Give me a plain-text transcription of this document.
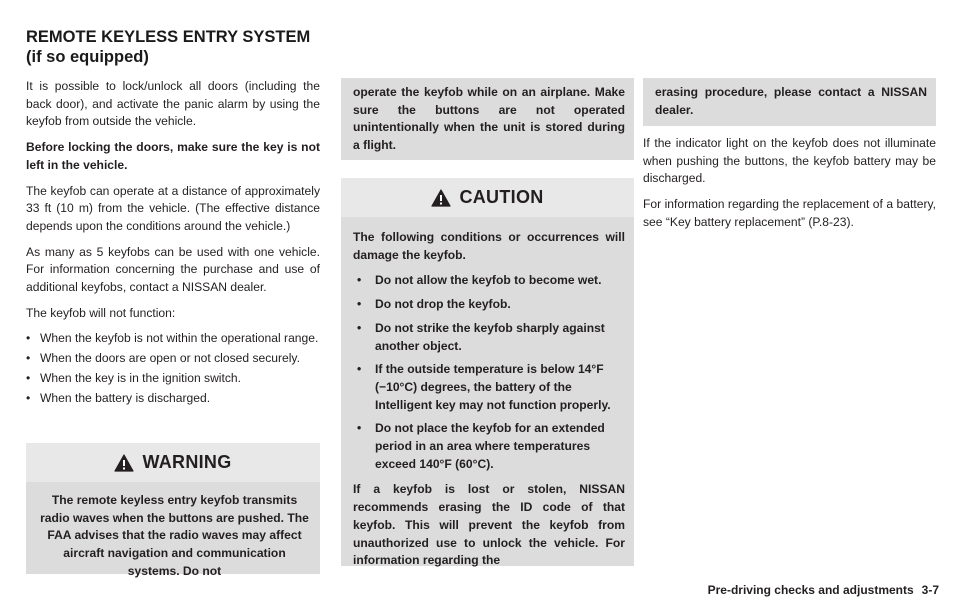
REMOTE KEYLESS ENTRY SYSTEM
(if so equipped)

It is possible to lock/unlock all doors (including the back door), and activate the panic alarm by using the keyfob from outside the vehicle.

Before locking the doors, make sure the key is not left in the vehicle.

The keyfob can operate at a distance of approximately 33 ft (10 m) from the vehicle. (The effective distance depends upon the conditions around the vehicle.)

As many as 5 keyfobs can be used with one vehicle. For information concerning the purchase and use of additional keyfobs, contact a NISSAN dealer.

The keyfob will not function:

• When the keyfob is not within the operational range.
• When the doors are open or not closed securely.
• When the key is in the ignition switch.
• When the battery is discharged.
WARNING

The remote keyless entry keyfob transmits radio waves when the buttons are pushed. The FAA advises that the radio waves may affect aircraft navigation and communication systems. Do not

operate the keyfob while on an airplane. Make sure the buttons are not operated unintentionally when the unit is stored during a flight.

CAUTION

The following conditions or occurrences will damage the keyfob.

• Do not allow the keyfob to become wet.
• Do not drop the keyfob.
• Do not strike the keyfob sharply against another object.
• If the outside temperature is below 14°F (−10°C) degrees, the battery of the Intelligent key may not function properly.
• Do not place the keyfob for an extended period in an area where temperatures exceed 140°F (60°C).

If a keyfob is lost or stolen, NISSAN recommends erasing the ID code of that keyfob. This will prevent the keyfob from unauthorized use to unlock the vehicle. For information regarding the

erasing procedure, please contact a NISSAN dealer.

If the indicator light on the keyfob does not illuminate when pushing the buttons, the keyfob battery may be discharged.

For information regarding the replacement of a battery, see “Key battery replacement” (P.8-23).

Pre-driving checks and adjustments 3-7
